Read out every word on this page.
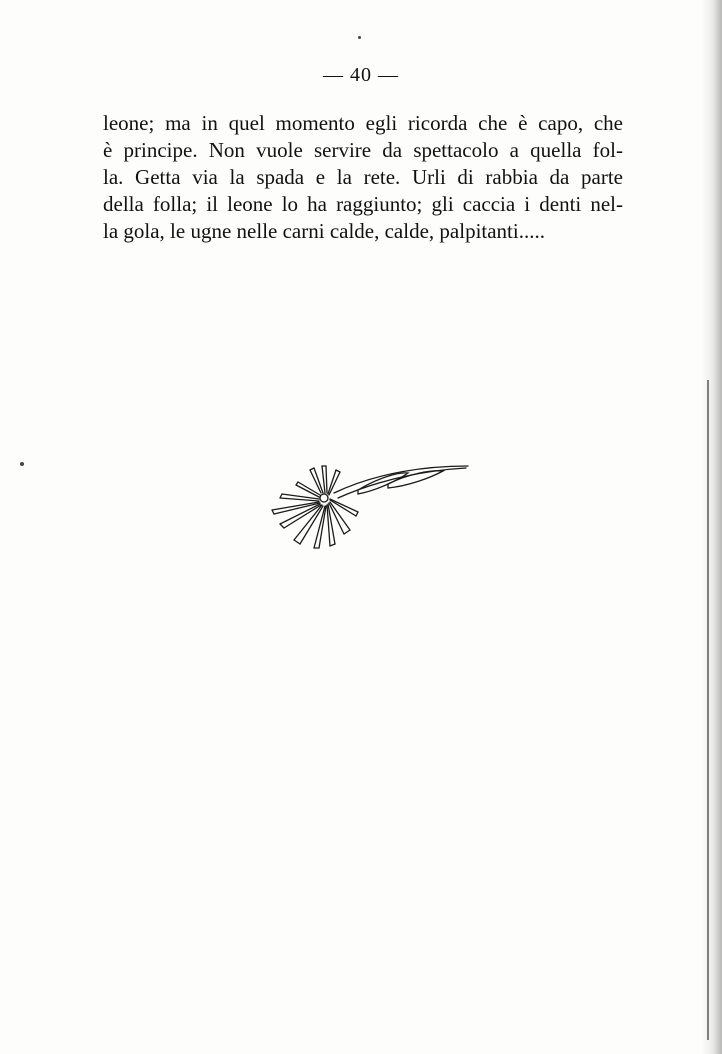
— 40 —
leone; ma in quel momento egli ricorda che è capo, che
è principe. Non vuole servire da spettacolo a quella fol-
la. Getta via la spada e la rete. Urli di rabbia da parte
della folla; il leone lo ha raggiunto; gli caccia i denti nel-
la gola, le ugne nelle carni calde, calde, palpitanti.....
